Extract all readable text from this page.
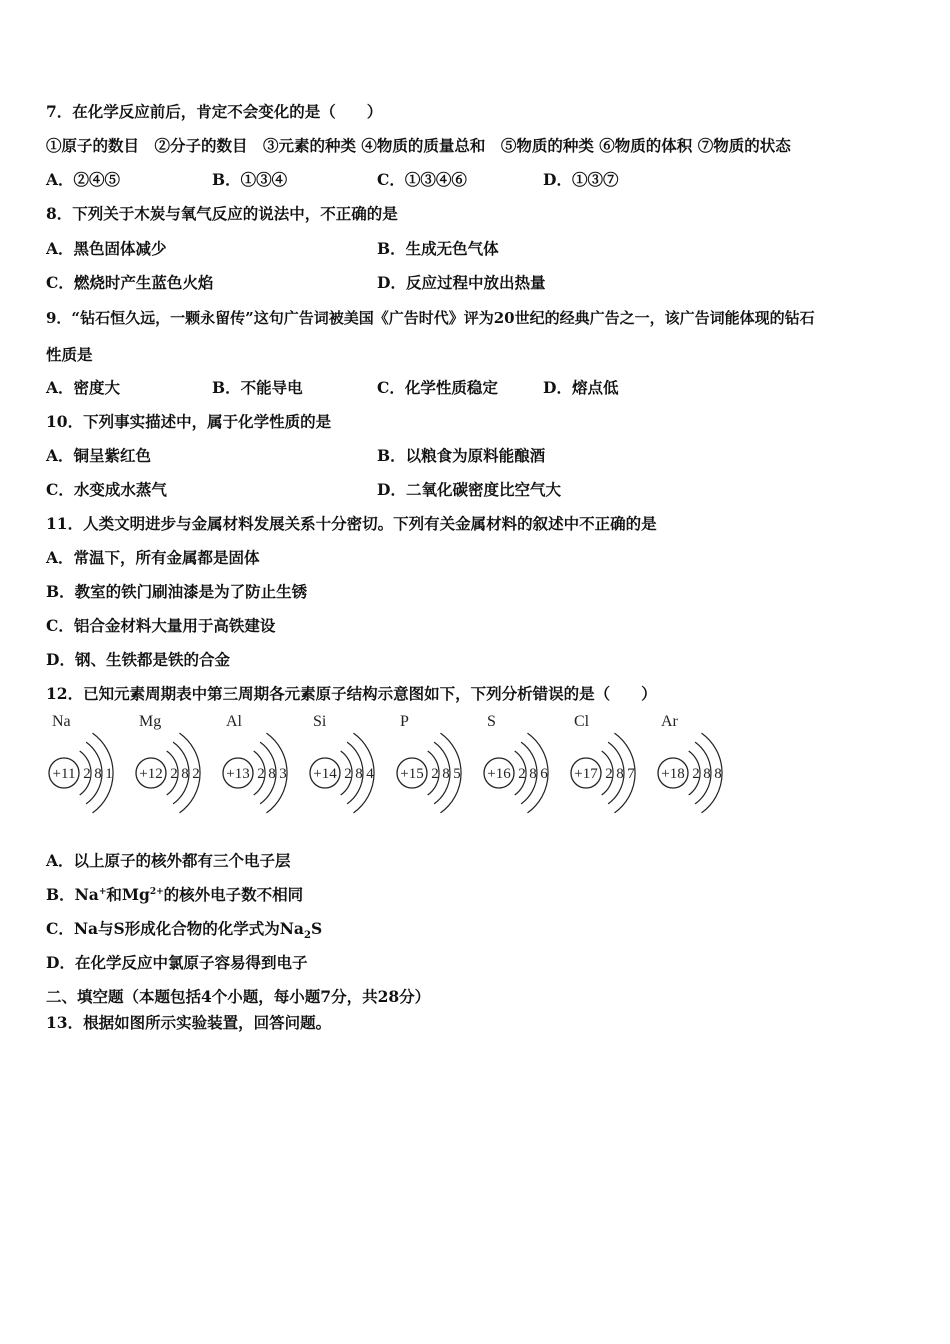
7．在化学反应前后，肯定不会变化的是（　　）
①原子的数目　②分子的数目　③元素的种类 ④物质的质量总和　⑤物质的种类 ⑥物质的体积 ⑦物质的状态
A．②④⑤	B．①③④	C．①③④⑥	D．①③⑦
8．下列关于木炭与氧气反应的说法中，不正确的是
A．黑色固体减少	B．生成无色气体
C．燃烧时产生蓝色火焰	D．反应过程中放出热量
9．“钻石恒久远，一颗永留传”这句广告词被美国《广告时代》评为20世纪的经典广告之一，该广告词能体现的钻石
性质是
A．密度大	B．不能导电	C．化学性质稳定	D．熔点低
10．下列事实描述中，属于化学性质的是
A．铜呈紫红色	B．以粮食为原料能酿酒
C．水变成水蒸气	D．二氧化碳密度比空气大
11．人类文明进步与金属材料发展关系十分密切。下列有关金属材料的叙述中不正确的是
A．常温下，所有金属都是固体
B．教室的铁门刷油漆是为了防止生锈
C．铝合金材料大量用于高铁建设
D．钢、生铁都是铁的合金
12．已知元素周期表中第三周期各元素原子结构示意图如下，下列分析错误的是（　　）
Na
+11 2 8 1
Mg
+12 2 8 2
Al
+13 2 8 3
Si
+14 2 8 4
P
+15 2 8 5
S
+16 2 8 6
Cl
+17 2 8 7
Ar
+18 2 8 8
A．以上原子的核外都有三个电子层
B．Na+和$Mg^{2+}$的核外电子数不相同
C．Na与S形成化合物的化学式为$Na_2S$
D．在化学反应中氯原子容易得到电子
二、填空题（本题包括4个小题，每小题7分，共28分）
13．根据如图所示实验装置，回答问题。
